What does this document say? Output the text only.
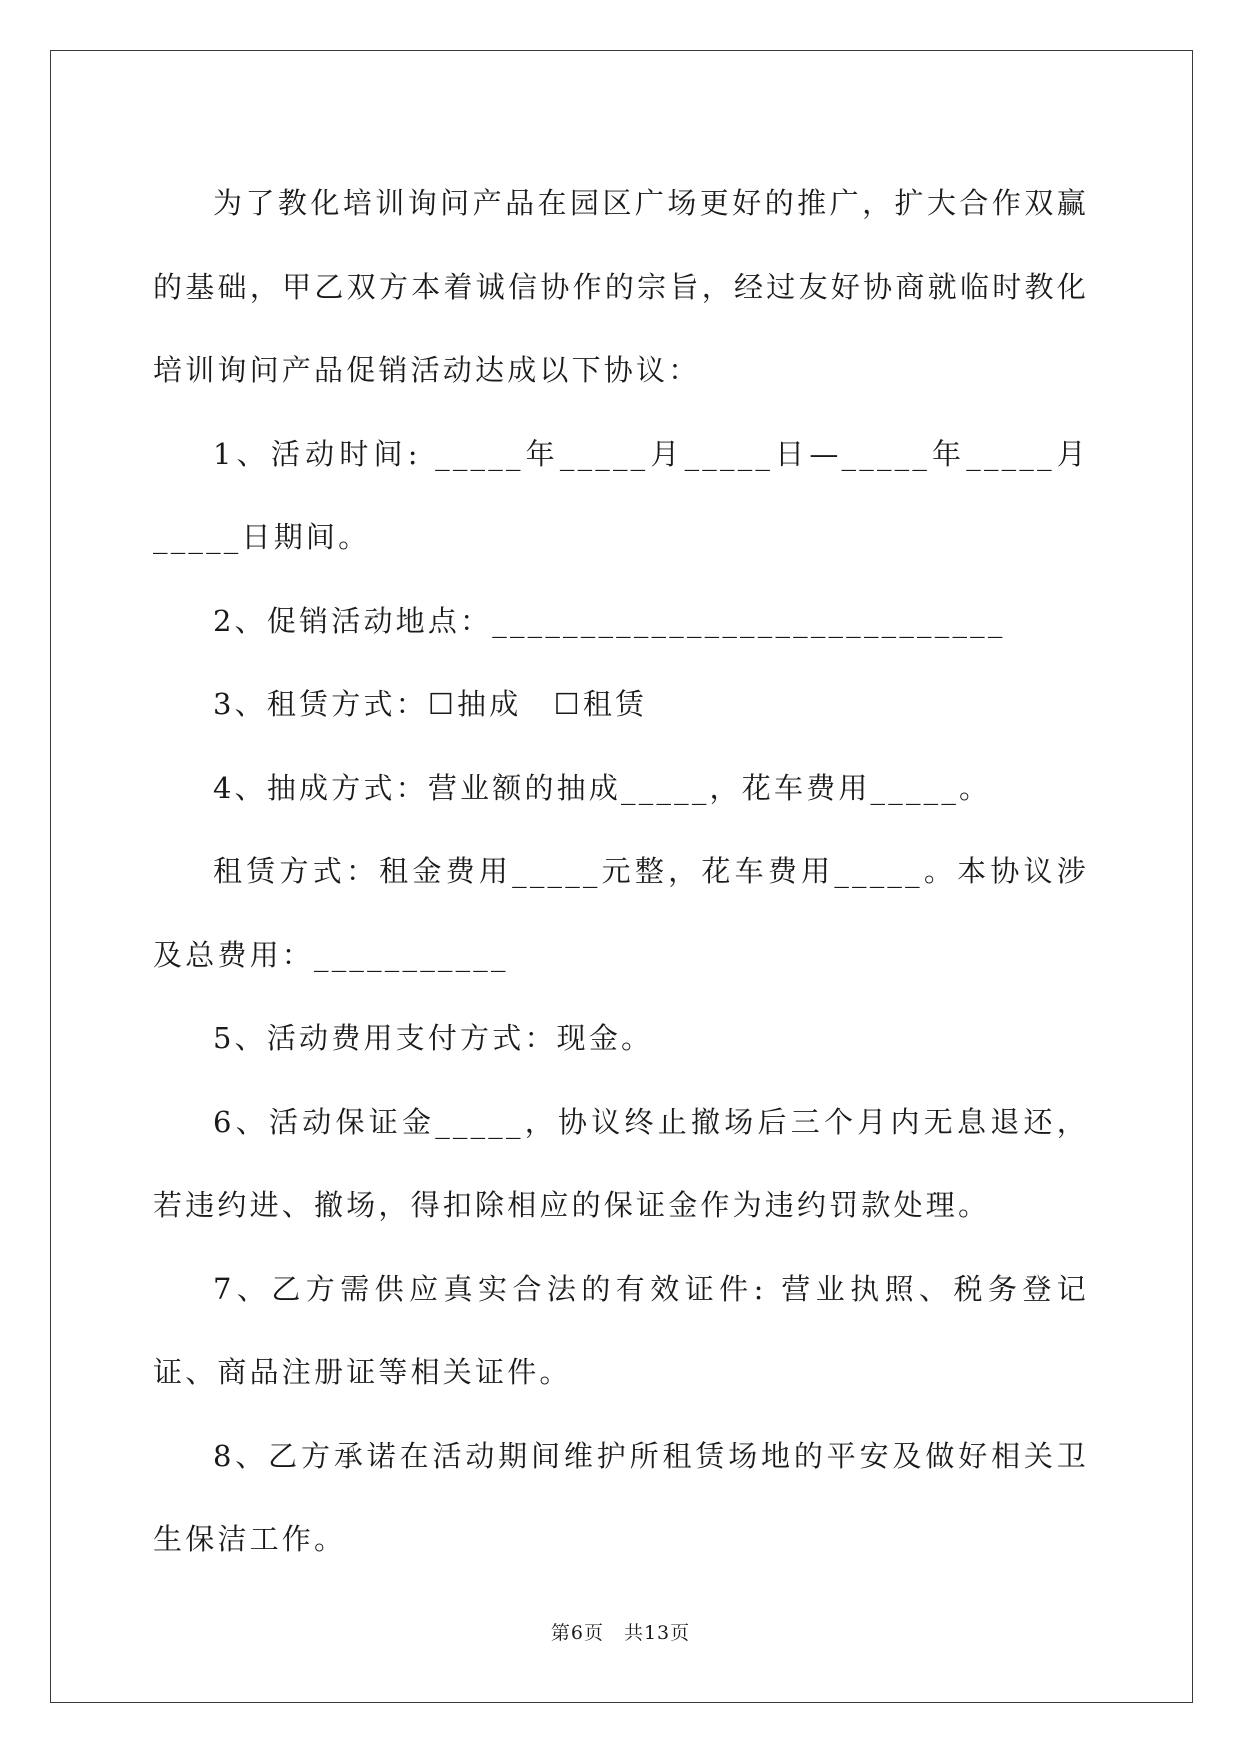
为了教化培训询问产品在园区广场更好的推广，扩大合作双赢的基础，甲乙双方本着诚信协作的宗旨，经过友好协商就临时教化培训询问产品促销活动达成以下协议：

1、活动时间: _____年_____月_____日—_____年_____月_____日期间。

2、促销活动地点：_____________________________

3、租赁方式：☐抽成　☐租赁

4、抽成方式：营业额的抽成_____，花车费用_____。

租赁方式：租金费用_____元整，花车费用_____。本协议涉及总费用：___________

5、活动费用支付方式：现金。

6、活动保证金_____，协议终止撤场后三个月内无息退还，若违约进、撤场，得扣除相应的保证金作为违约罚款处理。

7、乙方需供应真实合法的有效证件: 营业执照、税务登记证、商品注册证等相关证件。

8、乙方承诺在活动期间维护所租赁场地的平安及做好相关卫生保洁工作。

第6页　共13页
